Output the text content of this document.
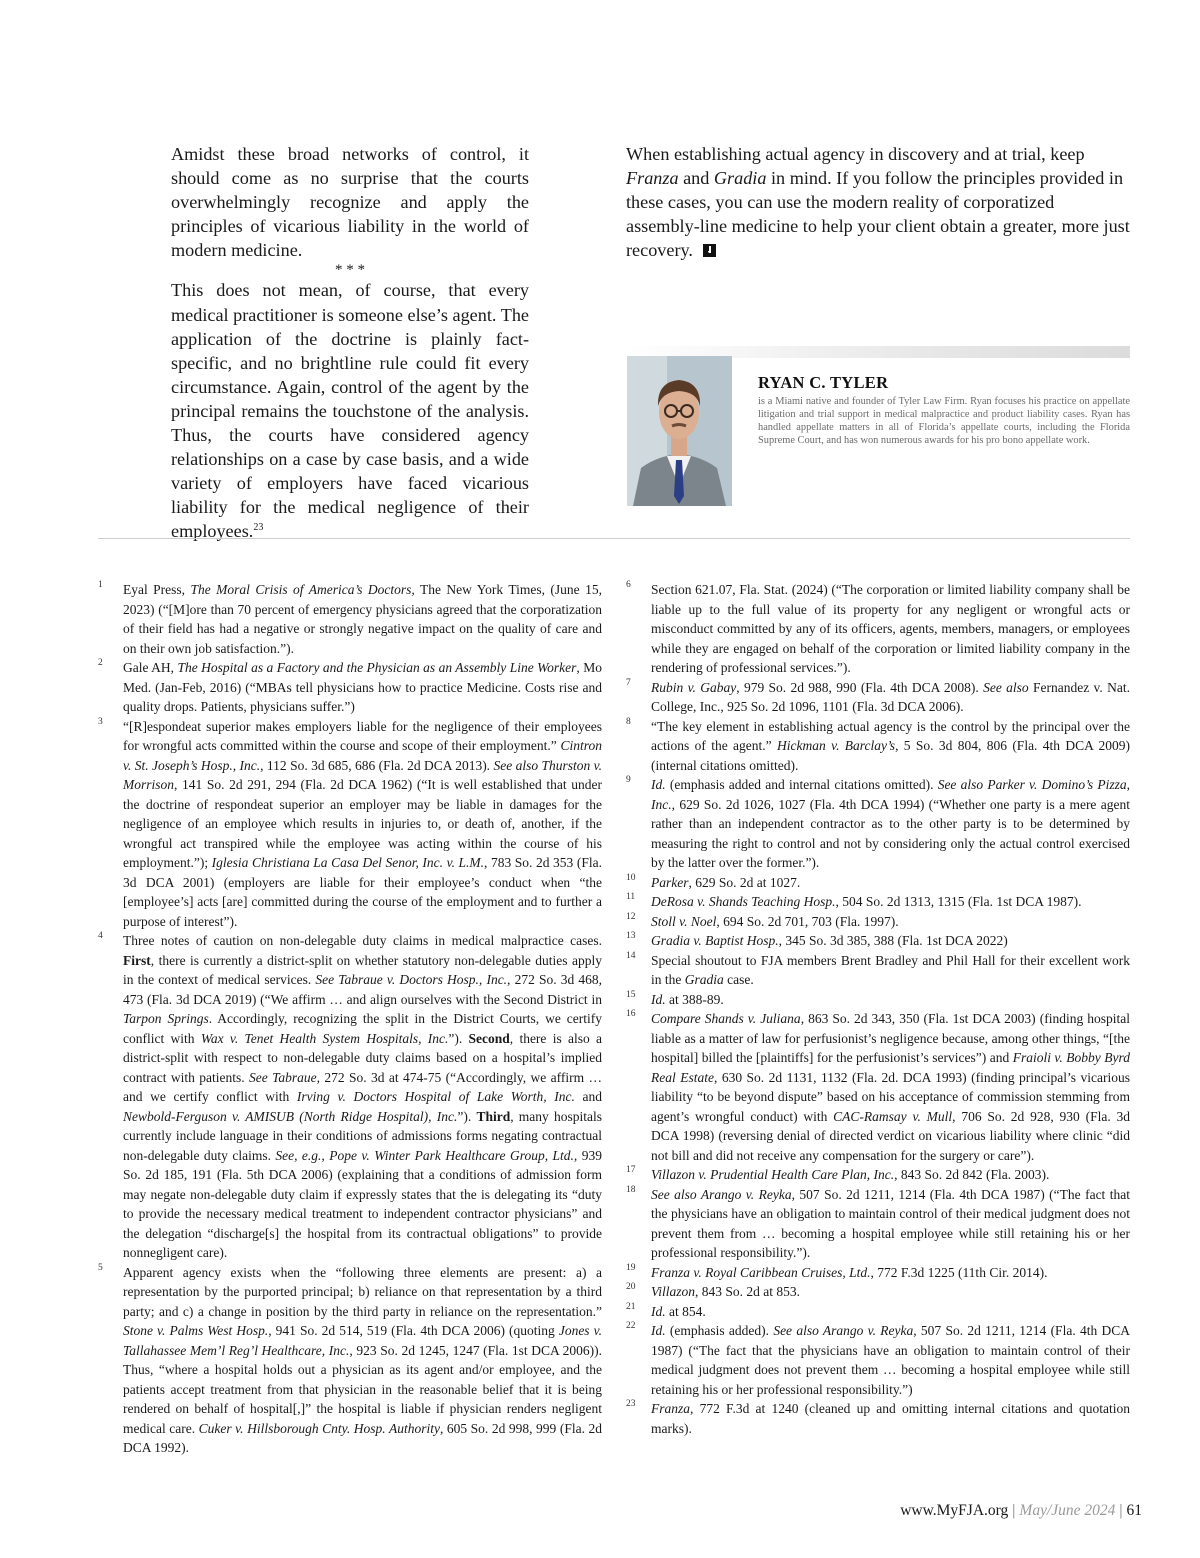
Amidst these broad networks of control, it should come as no surprise that the courts overwhelmingly recognize and apply the principles of vicarious liability in the world of modern medicine.

* * *

This does not mean, of course, that every medical practitioner is someone else’s agent. The application of the doctrine is plainly fact-specific, and no brightline rule could fit every circumstance. Again, control of the agent by the principal remains the touchstone of the analysis. Thus, the courts have considered agency relationships on a case by case basis, and a wide variety of employers have faced vicarious liability for the medical negligence of their employees.$^{23}$

When establishing actual agency in discovery and at trial, keep Franza and Gradia in mind. If you follow the principles provided in these cases, you can use the modern reality of corporatized assembly-line medicine to help your client obtain a greater, more just recovery.

RYAN C. TYLER

is a Miami native and founder of Tyler Law Firm. Ryan focuses his practice on appellate litigation and trial support in medical malpractice and product liability cases. Ryan has handled appellate matters in all of Florida’s appellate courts, including the Florida Supreme Court, and has won numerous awards for his pro bono appellate work.

1 Eyal Press, The Moral Crisis of America’s Doctors, The New York Times, (June 15, 2023) (“[M]ore than 70 percent of emergency physicians agreed that the corporatization of their field has had a negative or strongly negative impact on the quality of care and on their own job satisfaction.”).
2 Gale AH, The Hospital as a Factory and the Physician as an Assembly Line Worker, Mo Med. (Jan-Feb, 2016) (“MBAs tell physicians how to practice Medicine. Costs rise and quality drops. Patients, physicians suffer.”)
3 “[R]espondeat superior makes employers liable for the negligence of their employees for wrongful acts committed within the course and scope of their employment.” Cintron v. St. Joseph’s Hosp., Inc., 112 So. 3d 685, 686 (Fla. 2d DCA 2013). See also Thurston v. Morrison, 141 So. 2d 291, 294 (Fla. 2d DCA 1962) (“It is well established that under the doctrine of respondeat superior an employer may be liable in damages for the negligence of an employee which results in injuries to, or death of, another, if the wrongful act transpired while the employee was acting within the course of his employment.”); Iglesia Christiana La Casa Del Senor, Inc. v. L.M., 783 So. 2d 353 (Fla. 3d DCA 2001) (employers are liable for their employee’s conduct when “the [employee’s] acts [are] committed during the course of the employment and to further a purpose of interest”).
4 Three notes of caution on non-delegable duty claims in medical malpractice cases. First, there is currently a district-split on whether statutory non-delegable duties apply in the context of medical services. See Tabraue v. Doctors Hosp., Inc., 272 So. 3d 468, 473 (Fla. 3d DCA 2019) (“We affirm … and align ourselves with the Second District in Tarpon Springs. Accordingly, recognizing the split in the District Courts, we certify conflict with Wax v. Tenet Health System Hospitals, Inc.”). Second, there is also a district-split with respect to non-delegable duty claims based on a hospital’s implied contract with patients. See Tabraue, 272 So. 3d at 474-75 (“Accordingly, we affirm … and we certify conflict with Irving v. Doctors Hospital of Lake Worth, Inc. and Newbold-Ferguson v. AMISUB (North Ridge Hospital), Inc.”). Third, many hospitals currently include language in their conditions of admissions forms negating contractual non-delegable duty claims. See, e.g., Pope v. Winter Park Healthcare Group, Ltd., 939 So. 2d 185, 191 (Fla. 5th DCA 2006) (explaining that a conditions of admission form may negate non-delegable duty claim if expressly states that the is delegating its “duty to provide the necessary medical treatment to independent contractor physicians” and the delegation “discharge[s] the hospital from its contractual obligations” to provide nonnegligent care).
5 Apparent agency exists when the “following three elements are present: a) a representation by the purported principal; b) reliance on that representation by a third party; and c) a change in position by the third party in reliance on the representation.” Stone v. Palms West Hosp., 941 So. 2d 514, 519 (Fla. 4th DCA 2006) (quoting Jones v. Tallahassee Mem’l Reg’l Healthcare, Inc., 923 So. 2d 1245, 1247 (Fla. 1st DCA 2006)). Thus, “where a hospital holds out a physician as its agent and/or employee, and the patients accept treatment from that physician in the reasonable belief that it is being rendered on behalf of hospital[,]” the hospital is liable if physician renders negligent medical care. Cuker v. Hillsborough Cnty. Hosp. Authority, 605 So. 2d 998, 999 (Fla. 2d DCA 1992).
6 Section 621.07, Fla. Stat. (2024) (“The corporation or limited liability company shall be liable up to the full value of its property for any negligent or wrongful acts or misconduct committed by any of its officers, agents, members, managers, or employees while they are engaged on behalf of the corporation or limited liability company in the rendering of professional services.”).
7 Rubin v. Gabay, 979 So. 2d 988, 990 (Fla. 4th DCA 2008). See also Fernandez v. Nat. College, Inc., 925 So. 2d 1096, 1101 (Fla. 3d DCA 2006).
8 “The key element in establishing actual agency is the control by the principal over the actions of the agent.” Hickman v. Barclay’s, 5 So. 3d 804, 806 (Fla. 4th DCA 2009) (internal citations omitted).
9 Id. (emphasis added and internal citations omitted). See also Parker v. Domino’s Pizza, Inc., 629 So. 2d 1026, 1027 (Fla. 4th DCA 1994) (“Whether one party is a mere agent rather than an independent contractor as to the other party is to be determined by measuring the right to control and not by considering only the actual control exercised by the latter over the former.”).
10 Parker, 629 So. 2d at 1027.
11 DeRosa v. Shands Teaching Hosp., 504 So. 2d 1313, 1315 (Fla. 1st DCA 1987).
12 Stoll v. Noel, 694 So. 2d 701, 703 (Fla. 1997).
13 Gradia v. Baptist Hosp., 345 So. 3d 385, 388 (Fla. 1st DCA 2022)
14 Special shoutout to FJA members Brent Bradley and Phil Hall for their excellent work in the Gradia case.
15 Id. at 388-89.
16 Compare Shands v. Juliana, 863 So. 2d 343, 350 (Fla. 1st DCA 2003) (finding hospital liable as a matter of law for perfusionist’s negligence because, among other things, “[the hospital] billed the [plaintiffs] for the perfusionist’s services”) and Fraioli v. Bobby Byrd Real Estate, 630 So. 2d 1131, 1132 (Fla. 2d. DCA 1993) (finding principal’s vicarious liability “to be beyond dispute” based on his acceptance of commission stemming from agent’s wrongful conduct) with CAC-Ramsay v. Mull, 706 So. 2d 928, 930 (Fla. 3d DCA 1998) (reversing denial of directed verdict on vicarious liability where clinic “did not bill and did not receive any compensation for the surgery or care”).
17 Villazon v. Prudential Health Care Plan, Inc., 843 So. 2d 842 (Fla. 2003).
18 See also Arango v. Reyka, 507 So. 2d 1211, 1214 (Fla. 4th DCA 1987) (“The fact that the physicians have an obligation to maintain control of their medical judgment does not prevent them from … becoming a hospital employee while still retaining his or her professional responsibility.”).
19 Franza v. Royal Caribbean Cruises, Ltd., 772 F.3d 1225 (11th Cir. 2014).
20 Villazon, 843 So. 2d at 853.
21 Id. at 854.
22 Id. (emphasis added). See also Arango v. Reyka, 507 So. 2d 1211, 1214 (Fla. 4th DCA 1987) (“The fact that the physicians have an obligation to maintain control of their medical judgment does not prevent them … becoming a hospital employee while still retaining his or her professional responsibility.”)
23 Franza, 772 F.3d at 1240 (cleaned up and omitting internal citations and quotation marks).
www.MyFJA.org | May/June 2024 | 61
